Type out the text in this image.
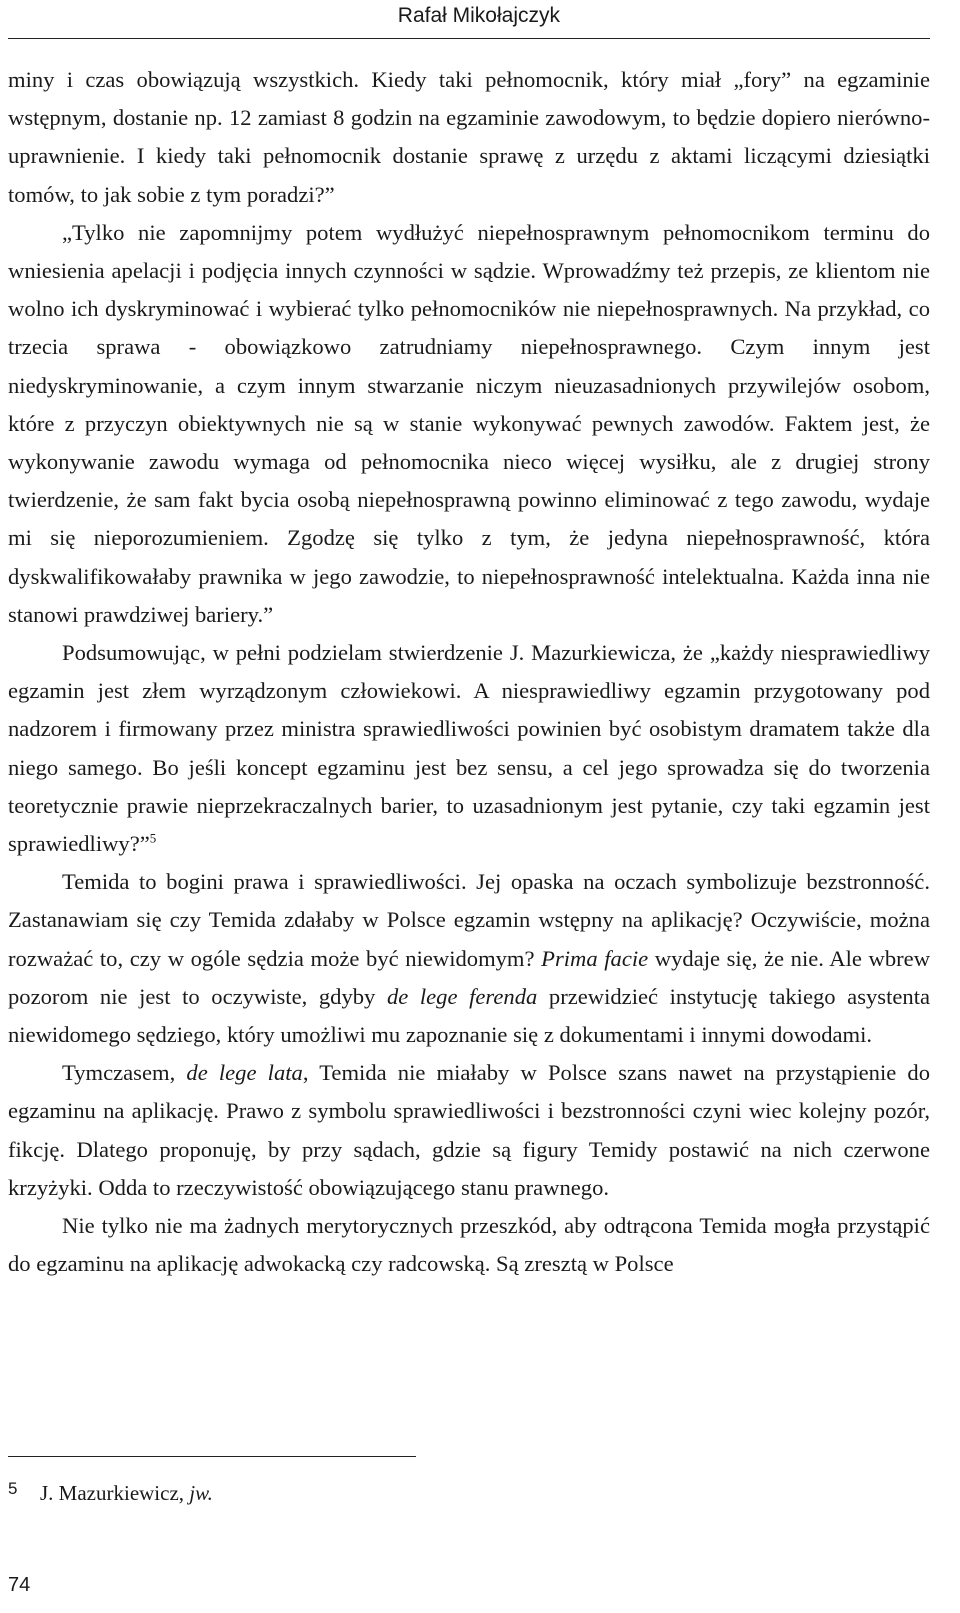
Rafał Mikołajczyk

miny i czas obowiązują wszystkich. Kiedy taki pełnomocnik, który miał „fory” na egzaminie wstępnym, dostanie np. 12 zamiast 8 godzin na egzaminie zawodowym, to będzie dopiero nierównouprawnienie. I kiedy taki pełnomocnik dostanie sprawę z urzędu z aktami liczącymi dziesiątki tomów, to jak sobie z tym poradzi?”

„Tylko nie zapomnijmy potem wydłużyć niepełnosprawnym pełnomocnikom terminu do wniesienia apelacji i podjęcia innych czynności w sądzie. Wprowadźmy też przepis, ze klientom nie wolno ich dyskryminować i wybierać tylko pełnomocników nie niepełnosprawnych. Na przykład, co trzecia sprawa - obowiązkowo zatrudniamy niepełnosprawnego. Czym innym jest niedyskryminowanie, a czym innym stwarzanie niczym nieuzasadnionych przywilejów osobom, które z przyczyn obiektywnych nie są w stanie wykonywać pewnych zawodów. Faktem jest, że wykonywanie zawodu wymaga od pełnomocnika nieco więcej wysiłku, ale z drugiej strony twierdzenie, że sam fakt bycia osobą niepełnosprawną powinno eliminować z tego zawodu, wydaje mi się nieporozumieniem. Zgodzę się tylko z tym, że jedyna niepełnosprawność, która dyskwalifikowałaby prawnika w jego zawodzie, to niepełnosprawność intelektualna. Każda inna nie stanowi prawdziwej bariery.”

Podsumowując, w pełni podzielam stwierdzenie J. Mazurkiewicza, że „każdy niesprawiedliwy egzamin jest złem wyrządzonym człowiekowi. A niesprawiedliwy egzamin przygotowany pod nadzorem i firmowany przez ministra sprawiedliwości powinien być osobistym dramatem także dla niego samego. Bo jeśli koncept egzaminu jest bez sensu, a cel jego sprowadza się do tworzenia teoretycznie prawie nieprzekraczalnych barier, to uzasadnionym jest pytanie, czy taki egzamin jest sprawiedliwy?”$^5$

Temida to bogini prawa i sprawiedliwości. Jej opaska na oczach symbolizuje bezstronność. Zastanawiam się czy Temida zdałaby w Polsce egzamin wstępny na aplikację? Oczywiście, można rozważać to, czy w ogóle sędzia może być niewidomym? Prima facie wydaje się, że nie. Ale wbrew pozorom nie jest to oczywiste, gdyby de lege ferenda przewidzieć instytucję takiego asystenta niewidomego sędziego, który umożliwi mu zapoznanie się z dokumentami i innymi dowodami.

Tymczasem, de lege lata, Temida nie miałaby w Polsce szans nawet na przystąpienie do egzaminu na aplikację. Prawo z symbolu sprawiedliwości i bezstronności czyni wiec kolejny pozór, fikcję. Dlatego proponuję, by przy sądach, gdzie są figury Temidy postawić na nich czerwone krzyżyki. Odda to rzeczywistość obowiązującego stanu prawnego.

Nie tylko nie ma żadnych merytorycznych przeszkód, aby odtrącona Temida mogła przystąpić do egzaminu na aplikację adwokacką czy radcowską. Są zresztą w Polsce

5 J. Mazurkiewicz, jw.
74
